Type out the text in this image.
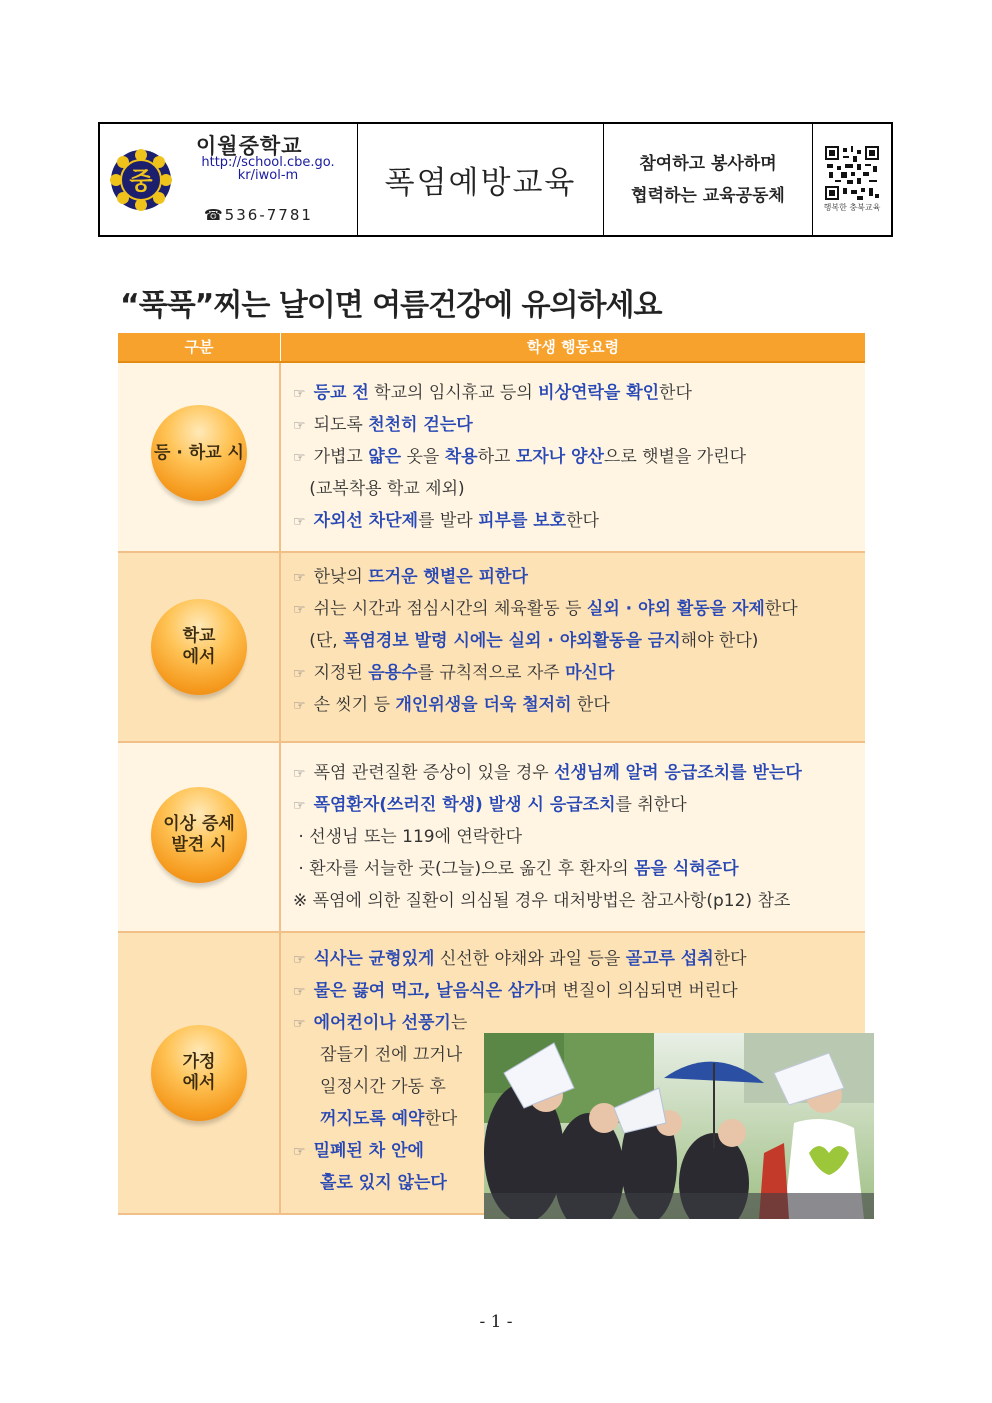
중
이월중학교
http://school.cbe.go.
kr/iwol-m
☎536-7781
폭염예방교육
참여하고 봉사하며
협력하는 교육공동체
행복한 충북교육
“푹푹”찌는 날이면 여름건강에 유의하세요
구분	학생 행동요령
등 · 하교 시
☞ 등교 전 학교의 임시휴교 등의 비상연락을 확인한다
☞ 되도록 천천히 걷는다
☞ 가볍고 얇은 옷을 착용하고 모자나 양산으로 햇볕을 가린다
(교복착용 학교 제외)
☞ 자외선 차단제를 발라 피부를 보호한다
학교
에서
☞ 한낮의 뜨거운 햇볕은 피한다
☞ 쉬는 시간과 점심시간의 체육활동 등 실외 · 야외 활동을 자제한다
(단, 폭염경보 발령 시에는 실외 · 야외활동을 금지해야 한다)
☞ 지정된 음용수를 규칙적으로 자주 마신다
☞ 손 씻기 등 개인위생을 더욱 철저히 한다
이상 증세
발견 시
☞ 폭염 관련질환 증상이 있을 경우 선생님께 알려 응급조치를 받는다
☞ 폭염환자(쓰러진 학생) 발생 시 응급조치를 취한다
· 선생님 또는 119에 연락한다
· 환자를 서늘한 곳(그늘)으로 옮긴 후 환자의 몸을 식혀준다
※ 폭염에 의한 질환이 의심될 경우 대처방법은 참고사항(p12) 참조
가정
에서
☞ 식사는 균형있게 신선한 야채와 과일 등을 골고루 섭취한다
☞ 물은 끓여 먹고, 날음식은 삼가며 변질이 의심되면 버린다
☞ 에어컨이나 선풍기는
잠들기 전에 끄거나
일정시간 가동 후
꺼지도록 예약한다
☞ 밀폐된 차 안에
홀로 있지 않는다
- 1 -
